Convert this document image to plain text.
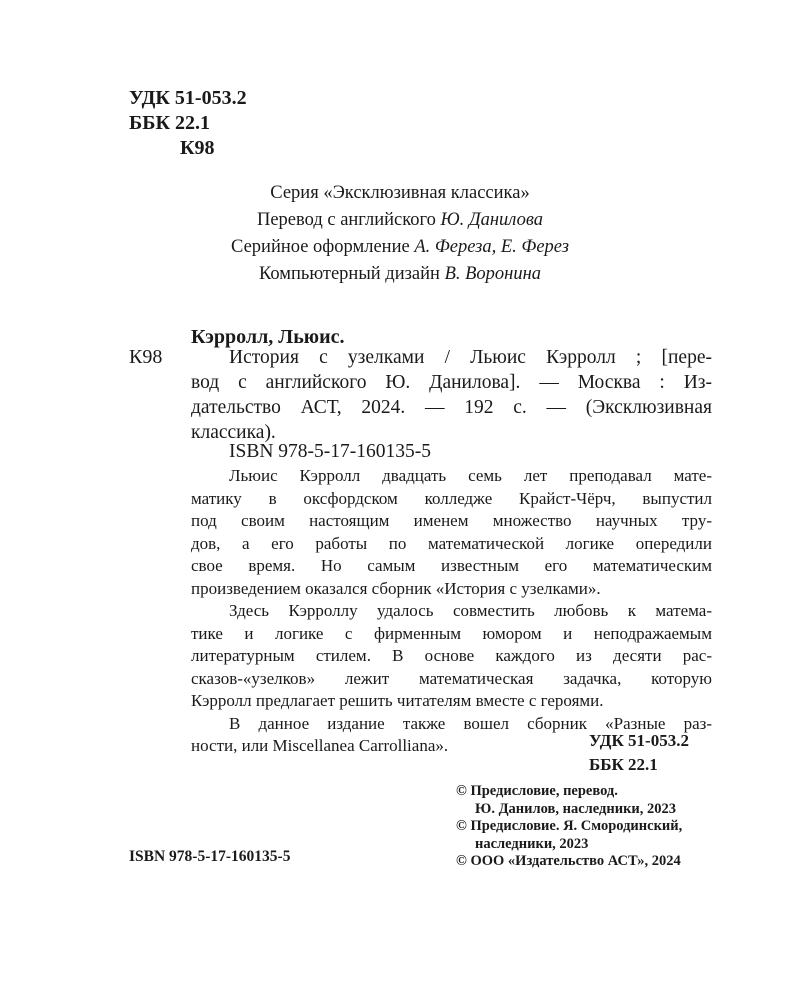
УДК 51-053.2
ББК 22.1
К98
Серия «Эксклюзивная классика»
Перевод с английского Ю. Данилова
Серийное оформление А. Фереза, Е. Ферез
Компьютерный дизайн В. Воронина
Кэрролл, Льюис.
К98	История с узелками / Льюис Кэрролл ; [пере-
вод с английского Ю. Данилова]. — Москва : Из-
дательство АСТ, 2024. — 192 с. — (Эксклюзивная
классика).
ISBN 978-5-17-160135-5
Льюис Кэрролл двадцать семь лет преподавал мате-
матику в оксфордском колледже Крайст-Чёрч, выпустил
под своим настоящим именем множество научных тру-
дов, а его работы по математической логике опередили
свое время. Но самым известным его математическим
произведением оказался сборник «История с узелками».
Здесь Кэрроллу удалось совместить любовь к матема-
тике и логике с фирменным юмором и неподражаемым
литературным стилем. В основе каждого из десяти рас-
сказов-«узелков» лежит математическая задачка, которую
Кэрролл предлагает решить читателям вместе с героями.
В данное издание также вошел сборник «Разные раз-
ности, или Miscellanea Carrolliana».	УДК 51-053.2
ББК 22.1
© Предисловие, перевод.
Ю. Данилов, наследники, 2023
© Предисловие. Я. Смородинский,
наследники, 2023
© ООО «Издательство АСТ», 2024
ISBN 978-5-17-160135-5
